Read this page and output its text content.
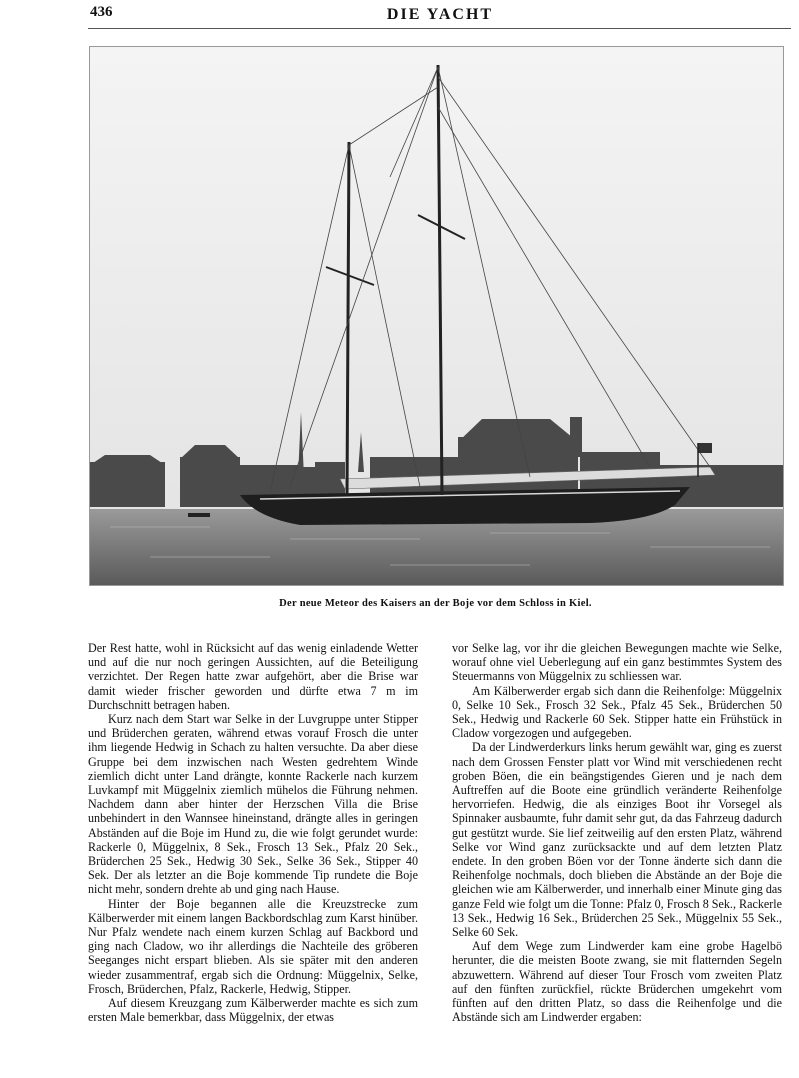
436	DIE YACHT
Der neue Meteor des Kaisers an der Boje vor dem Schloss in Kiel.

Der Rest hatte, wohl in Rücksicht auf das wenig einladende Wetter und auf die nur noch geringen Aussichten, auf die Beteiligung verzichtet. Der Regen hatte zwar aufgehört, aber die Brise war damit wieder frischer geworden und dürfte etwa 7 m im Durchschnitt betragen haben.

Kurz nach dem Start war Selke in der Luvgruppe unter Stipper und Brüderchen geraten, während etwas vorauf Frosch die unter ihm liegende Hedwig in Schach zu halten versuchte. Da aber diese Gruppe bei dem inzwischen nach Westen gedrehtem Winde ziemlich dicht unter Land drängte, konnte Rackerle nach kurzem Luvkampf mit Müggelnix ziemlich mühelos die Führung nehmen. Nachdem dann aber hinter der Herzschen Villa die Brise unbehindert in den Wannsee hineinstand, drängte alles in geringen Abständen auf die Boje im Hund zu, die wie folgt gerundet wurde: Rackerle 0, Müggelnix, 8 Sek., Frosch 13 Sek., Pfalz 20 Sek., Brüderchen 25 Sek., Hedwig 30 Sek., Selke 36 Sek., Stipper 40 Sek. Der als letzter an die Boje kommende Tip rundete die Boje nicht mehr, sondern drehte ab und ging nach Hause.

Hinter der Boje begannen alle die Kreuzstrecke zum Kälberwerder mit einem langen Backbordschlag zum Karst hinüber. Nur Pfalz wendete nach einem kurzen Schlag auf Backbord und ging nach Cladow, wo ihr allerdings die Nachteile des gröberen Seeganges nicht erspart blieben. Als sie später mit den anderen wieder zusammentraf, ergab sich die Ordnung: Müggelnix, Selke, Frosch, Brüderchen, Pfalz, Rackerle, Hedwig, Stipper.

Auf diesem Kreuzgang zum Kälberwerder machte es sich zum ersten Male bemerkbar, dass Müggelnix, der etwas

vor Selke lag, vor ihr die gleichen Bewegungen machte wie Selke, worauf ohne viel Ueberlegung auf ein ganz bestimmtes System des Steuermanns von Müggelnix zu schliessen war.

Am Kälberwerder ergab sich dann die Reihenfolge: Müggelnix 0, Selke 10 Sek., Frosch 32 Sek., Pfalz 45 Sek., Brüderchen 50 Sek., Hedwig und Rackerle 60 Sek. Stipper hatte ein Frühstück in Cladow vorgezogen und aufgegeben.

Da der Lindwerderkurs links herum gewählt war, ging es zuerst nach dem Grossen Fenster platt vor Wind mit verschiedenen recht groben Böen, die ein beängstigendes Gieren und je nach dem Auftreffen auf die Boote eine gründlich veränderte Reihenfolge hervorriefen. Hedwig, die als einziges Boot ihr Vorsegel als Spinnaker ausbaumte, fuhr damit sehr gut, da das Fahrzeug dadurch gut gestützt wurde. Sie lief zeitweilig auf den ersten Platz, während Selke vor Wind ganz zurücksackte und auf dem letzten Platz endete. In den groben Böen vor der Tonne änderte sich dann die Reihenfolge nochmals, doch blieben die Abstände an der Boje die gleichen wie am Kälberwerder, und innerhalb einer Minute ging das ganze Feld wie folgt um die Tonne: Pfalz 0, Frosch 8 Sek., Rackerle 13 Sek., Hedwig 16 Sek., Brüderchen 25 Sek., Müggelnix 55 Sek., Selke 60 Sek.

Auf dem Wege zum Lindwerder kam eine grobe Hagelbö herunter, die die meisten Boote zwang, sie mit flatternden Segeln abzuwettern. Während auf dieser Tour Frosch vom zweiten Platz auf den fünften zurückfiel, rückte Brüderchen umgekehrt vom fünften auf den dritten Platz, so dass die Reihenfolge und die Abstände sich am Lindwerder ergaben:
